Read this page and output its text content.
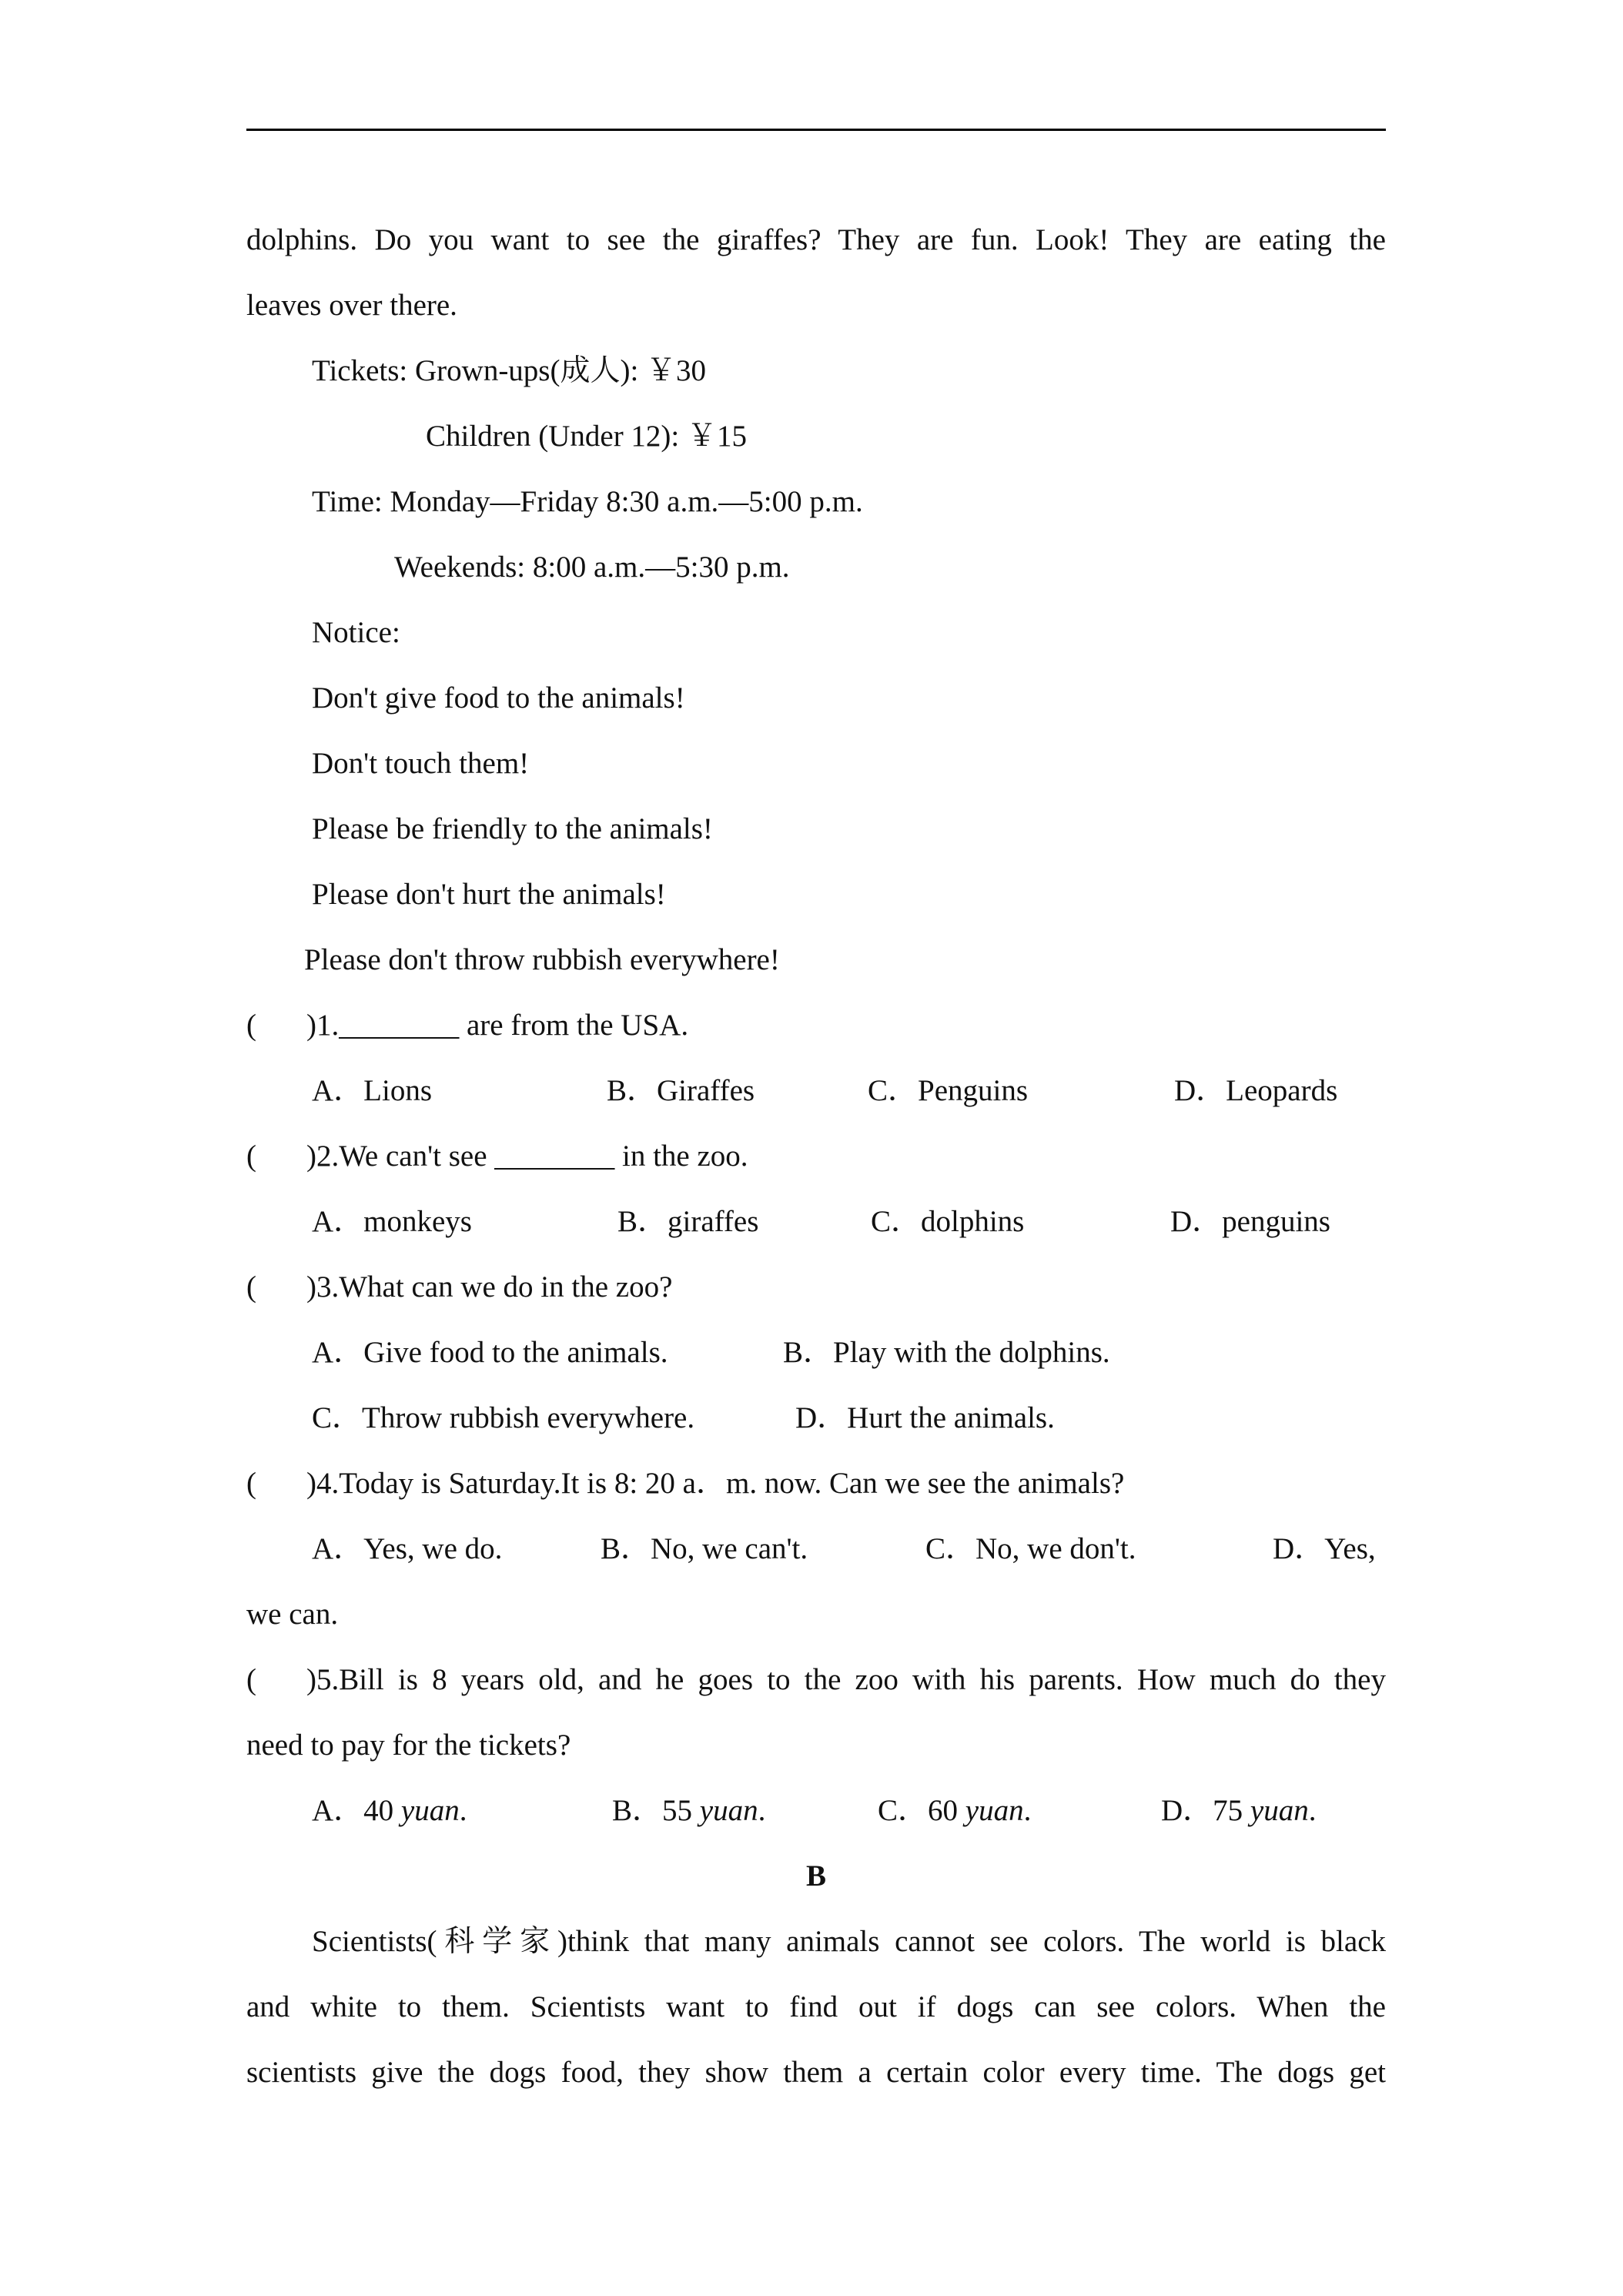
dolphins. Do you want to see the giraffes? They are fun. Look! They are eating the
leaves over there.
Tickets: Grown-ups(成人): ￥30
Children (Under 12): ￥15
Time: Monday—Friday 8:30 a.m.—5:00 p.m.
Weekends: 8:00 a.m.—5:30 p.m.
Notice:
Don't give food to the animals!
Don't touch them!
Please be friendly to the animals!
Please don't hurt the animals!
Please don't throw rubbish everywhere!
( )1.________ are from the USA.
A．Lions	B．Giraffes	C．Penguins	D．Leopards
( )2.We can't see ________ in the zoo.
A．monkeys	B．giraffes	C．dolphins	D．penguins
( )3.What can we do in the zoo?
A．Give food to the animals.	B．Play with the dolphins.
C．Throw rubbish everywhere.	D．Hurt the animals.
( )4.Today is Saturday.It is 8: 20 a．m. now. Can we see the animals?
A．Yes, we do.	B．No, we can't.	C．No, we don't.	D．Yes,
we can.
( )5.Bill is 8 years old, and he goes to the zoo with his parents. How much do they
need to pay for the tickets?
A．40 yuan.	B．55 yuan.	C．60 yuan.	D．75 yuan.
B
Scientists(科学家)think that many animals cannot see colors. The world is black
and white to them. Scientists want to find out if dogs can see colors. When the
scientists give the dogs food, they show them a certain color every time. The dogs get
